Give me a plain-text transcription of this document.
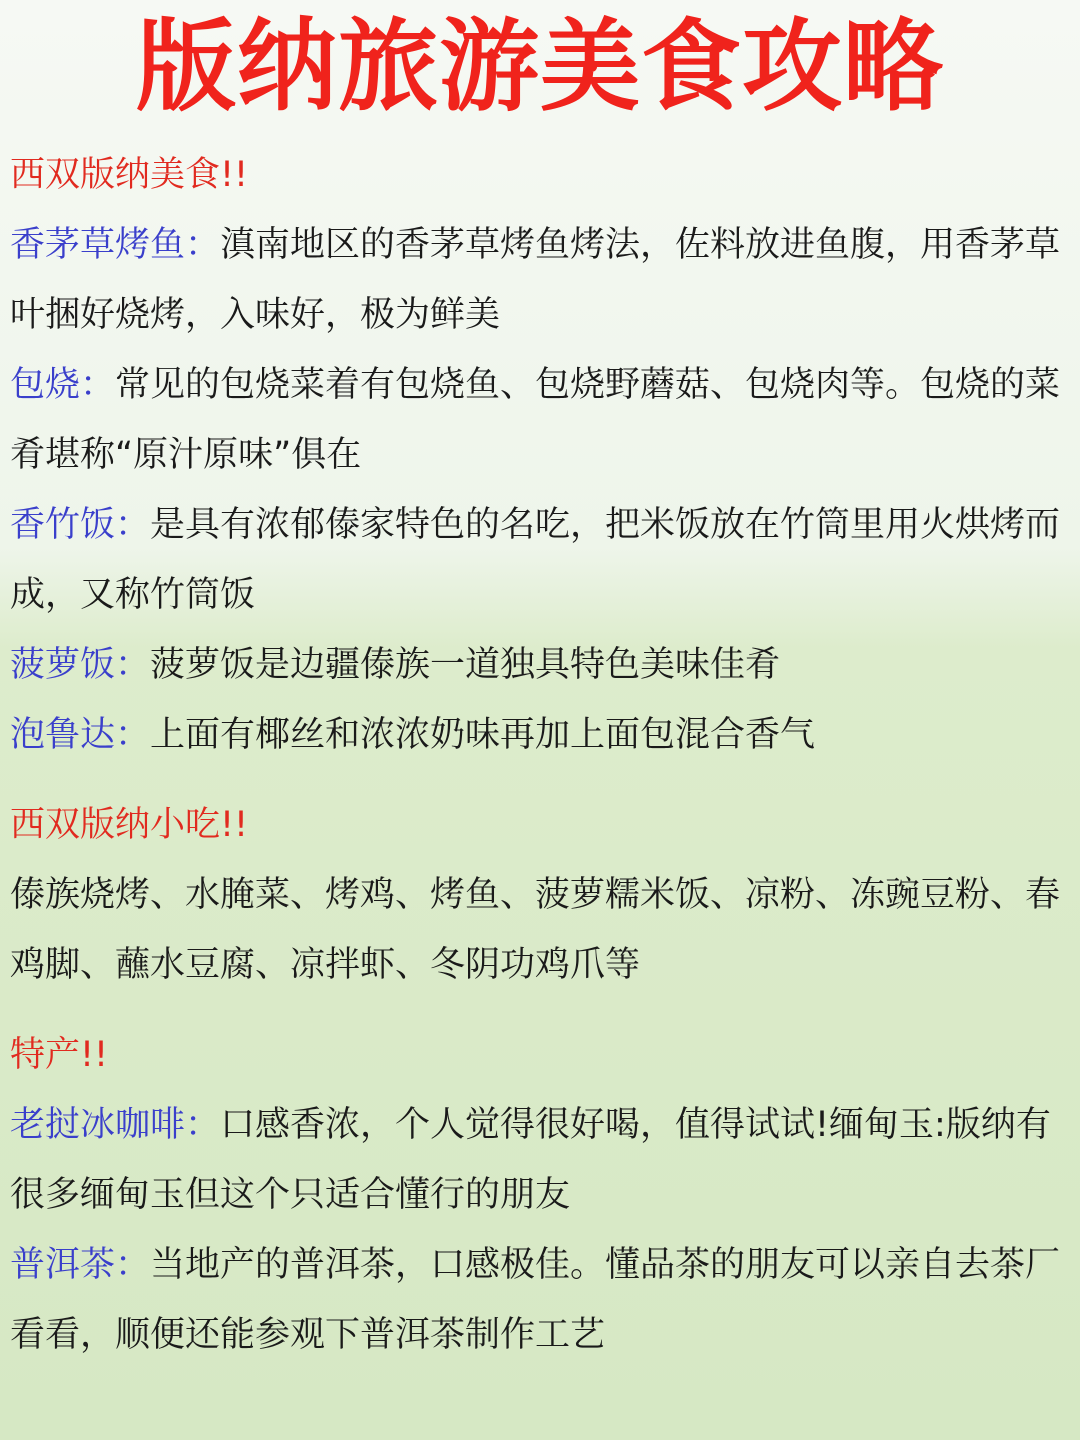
版纳旅游美食攻略
西双版纳美食!!

香茅草烤鱼：滇南地区的香茅草烤鱼烤法，佐料放进鱼腹，用香茅草叶捆好烧烤，入味好，极为鲜美

包烧：常见的包烧菜着有包烧鱼、包烧野蘑菇、包烧肉等。包烧的菜肴堪称“原汁原味”俱在

香竹饭：是具有浓郁傣家特色的名吃，把米饭放在竹筒里用火烘烤而成，又称竹筒饭

菠萝饭：菠萝饭是边疆傣族一道独具特色美味佳肴

泡鲁达：上面有椰丝和浓浓奶味再加上面包混合香气

西双版纳小吃!!

傣族烧烤、水腌菜、烤鸡、烤鱼、菠萝糯米饭、凉粉、冻豌豆粉、春鸡脚、蘸水豆腐、凉拌虾、冬阴功鸡爪等

特产!!

老挝冰咖啡：口感香浓，个人觉得很好喝，值得试试!缅甸玉:版纳有很多缅甸玉但这个只适合懂行的朋友

普洱茶：当地产的普洱茶，口感极佳。懂品茶的朋友可以亲自去茶厂看看，顺便还能参观下普洱茶制作工艺
